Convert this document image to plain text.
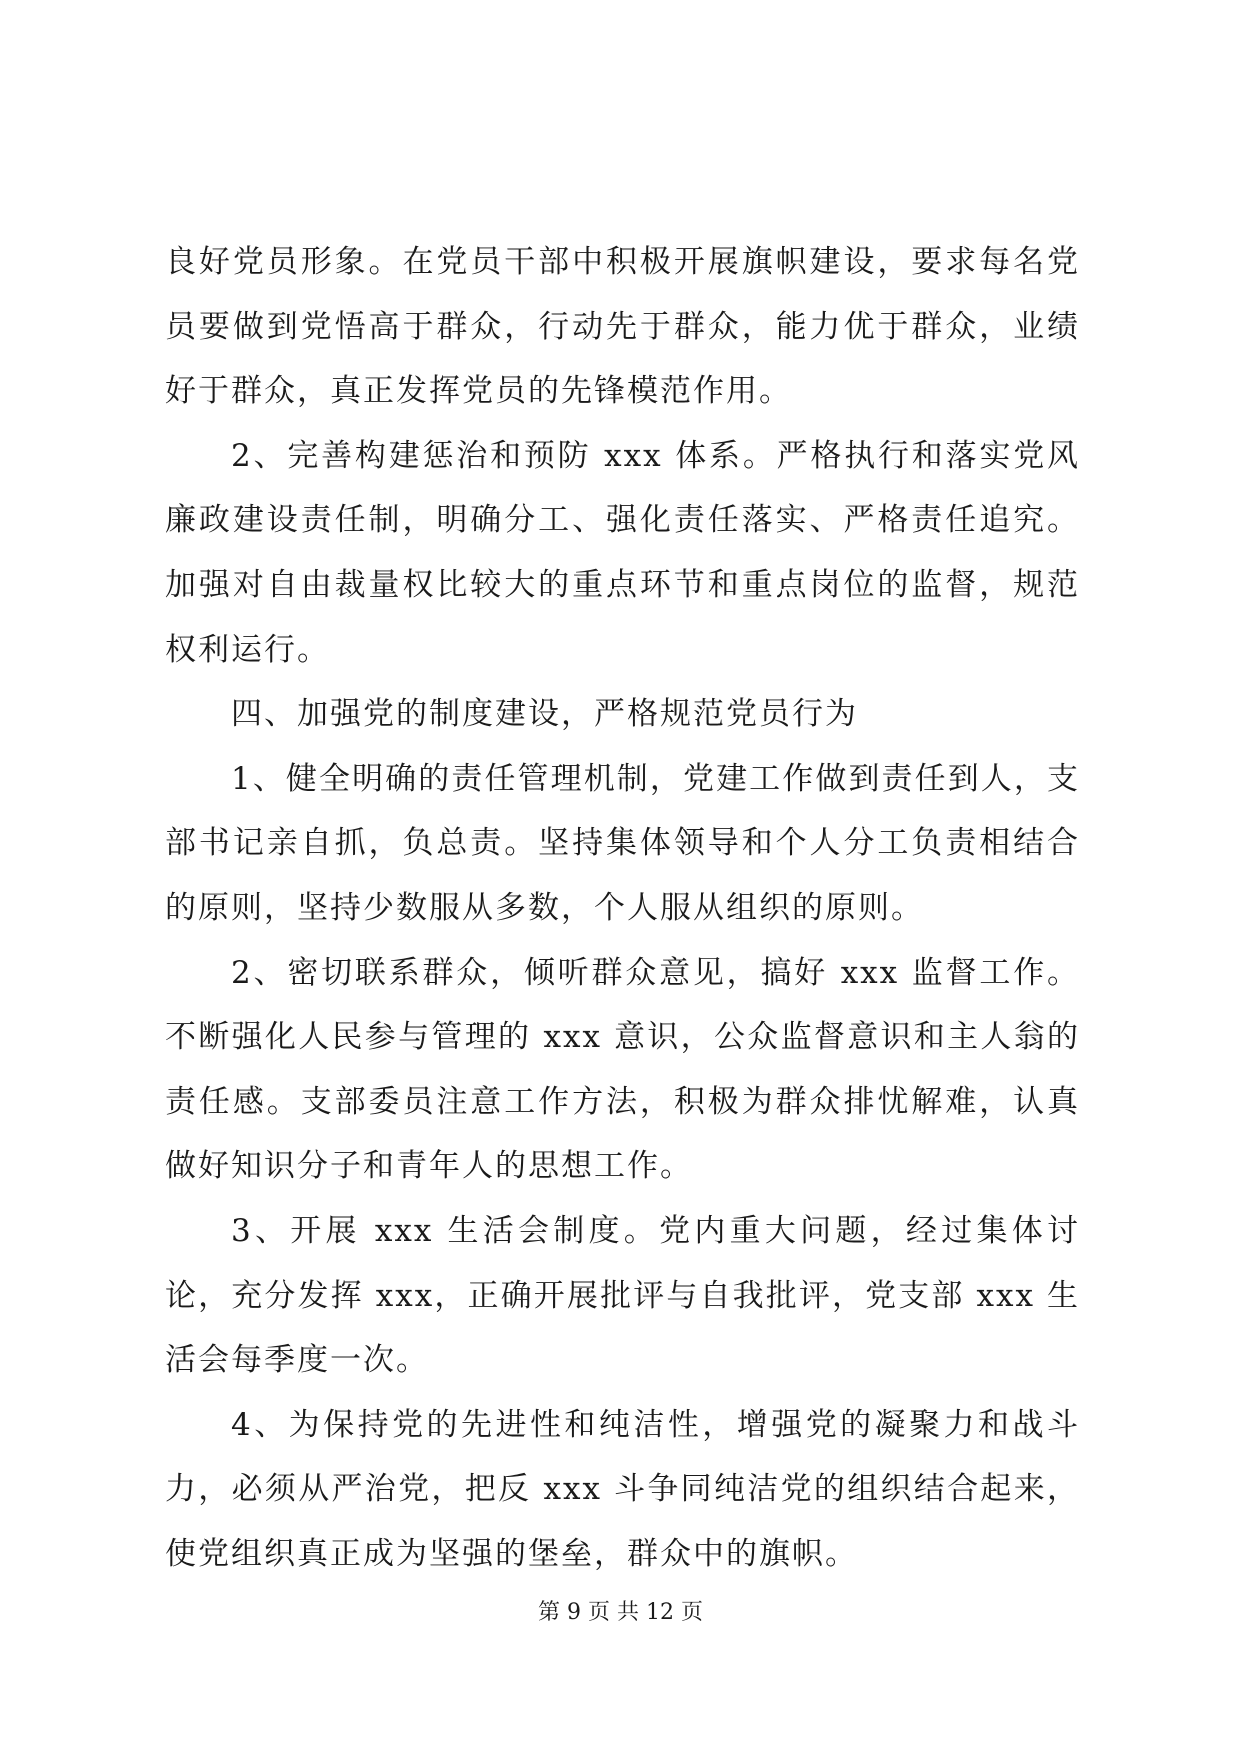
良好党员形象。在党员干部中积极开展旗帜建设，要求每名党员要做到党悟高于群众，行动先于群众，能力优于群众，业绩好于群众，真正发挥党员的先锋模范作用。

2、完善构建惩治和预防 xxx 体系。严格执行和落实党风廉政建设责任制，明确分工、强化责任落实、严格责任追究。加强对自由裁量权比较大的重点环节和重点岗位的监督，规范权利运行。

四、加强党的制度建设，严格规范党员行为

1、健全明确的责任管理机制，党建工作做到责任到人，支部书记亲自抓，负总责。坚持集体领导和个人分工负责相结合的原则，坚持少数服从多数，个人服从组织的原则。

2、密切联系群众，倾听群众意见，搞好 xxx 监督工作。不断强化人民参与管理的 xxx 意识，公众监督意识和主人翁的责任感。支部委员注意工作方法，积极为群众排忧解难，认真做好知识分子和青年人的思想工作。

3、开展 xxx 生活会制度。党内重大问题，经过集体讨论，充分发挥 xxx，正确开展批评与自我批评，党支部 xxx 生活会每季度一次。

4、为保持党的先进性和纯洁性，增强党的凝聚力和战斗力，必须从严治党，把反 xxx 斗争同纯洁党的组织结合起来，使党组织真正成为坚强的堡垒，群众中的旗帜。

第 9 页 共 12 页
